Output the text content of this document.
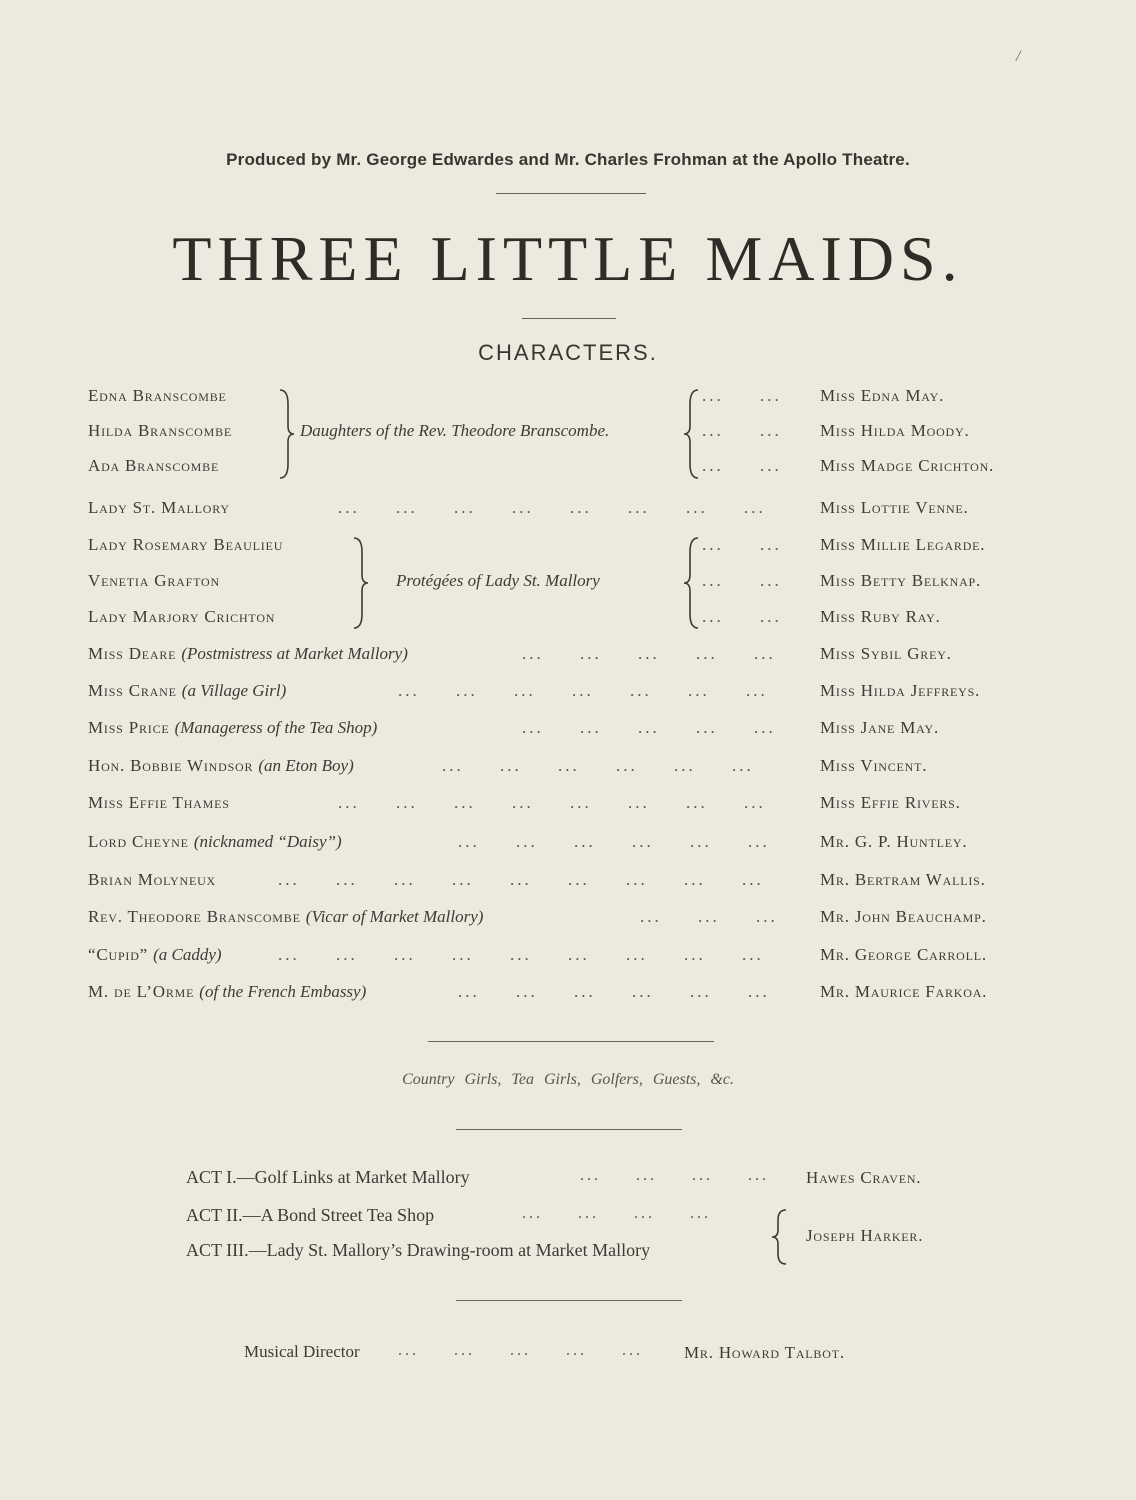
/
Produced by Mr. George Edwardes and Mr. Charles Frohman at the Apollo Theatre.
THREE LITTLE MAIDS.
CHARACTERS.
Edna Branscombe	...     ... Miss Edna May.
Hilda Branscombe	...     ... Miss Hilda Moody.
Ada Branscombe	...     ... Miss Madge Crichton.
Daughters of the Rev. Theodore Branscombe.
Lady St. Mallory	...     ...     ...     ...     ...     ...     ...     ...	Miss Lottie Venne.
Lady Rosemary Beaulieu	...     ... Miss Millie Legarde.
Venetia Grafton	...     ... Miss Betty Belknap.
Lady Marjory Crichton	...     ... Miss Ruby Ray.
Protégées of Lady St. Mallory
Miss Deare (Postmistress at Market Mallory)	...     ...     ...     ...     ...	Miss Sybil Grey.
Miss Crane (a Village Girl)	...     ...     ...     ...     ...     ...     ...	Miss Hilda Jeffreys.
Miss Price (Manageress of the Tea Shop)	...     ...     ...     ...     ...	Miss Jane May.
Hon. Bobbie Windsor (an Eton Boy)	...     ...     ...     ...     ...     ...	Miss Vincent.
Miss Effie Thames	...     ...     ...     ...     ...     ...     ...     ...	Miss Effie Rivers.
Lord Cheyne (nicknamed “Daisy”)	...     ...     ...     ...     ...     ...	Mr. G. P. Huntley.
Brian Molyneux	...     ...     ...     ...     ...     ...     ...     ...     ...	Mr. Bertram Wallis.
Rev. Theodore Branscombe (Vicar of Market Mallory)	...     ...     ... Mr. John Beauchamp.
“Cupid” (a Caddy)	...     ...     ...     ...     ...     ...     ...     ...     ...	Mr. George Carroll.
M. de L’Orme (of the French Embassy)	...     ...     ...     ...     ...     ...	Mr. Maurice Farkoa.
Country Girls, Tea Girls, Golfers, Guests, &c.
ACT I.—Golf Links at Market Mallory	...     ...     ...     ... Hawes Craven.
ACT II.—A Bond Street Tea Shop	...     ...     ...     ...
ACT III.—Lady St. Mallory’s Drawing-room at Market Mallory
Joseph Harker.
Musical Director ...     ...     ...     ...     ... Mr. Howard Talbot.
